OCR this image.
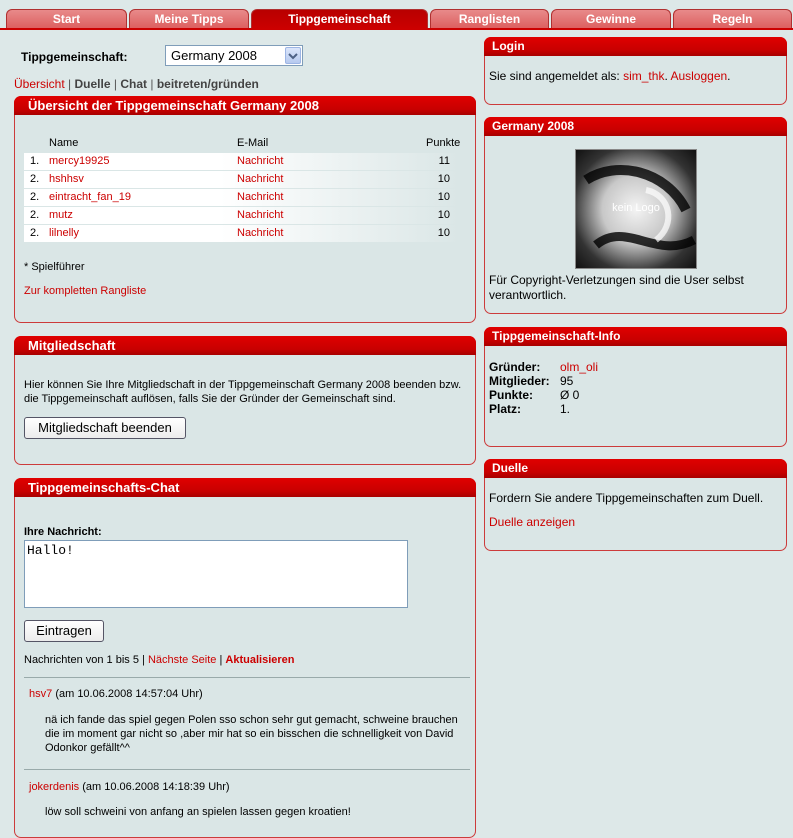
Start	Meine Tipps	Tippgemeinschaft	Ranglisten	Gewinne	Regeln
Tippgemeinschaft:	Germany 2008
Übersicht | Duelle | Chat | beitreten/gründen
Übersicht der Tippgemeinschaft Germany 2008
Name	E-Mail	Punkte
1. mercy19925	Nachricht	11
2. hshhsv	Nachricht	10
2. eintracht_fan_19	Nachricht	10
2. mutz	Nachricht	10
2. lilnelly	Nachricht	10
* Spielführer
Zur kompletten Rangliste
Mitgliedschaft
Hier können Sie Ihre Mitgliedschaft in der Tippgemeinschaft Germany 2008 beenden bzw.
die Tippgemeinschaft auflösen, falls Sie der Gründer der Gemeinschaft sind.
Mitgliedschaft beenden
Tippgemeinschafts-Chat
Ihre Nachricht:
Hallo!
Eintragen
Nachrichten von 1 bis 5 | Nächste Seite | Aktualisieren
hsv7 (am 10.06.2008 14:57:04 Uhr)
nä ich fande das spiel gegen Polen sso schon sehr gut gemacht, schweine brauchen
die im moment gar nicht so ,aber mir hat so ein bisschen die schnelligkeit von David
Odonkor gefällt^^
jokerdenis (am 10.06.2008 14:18:39 Uhr)
löw soll schweini von anfang an spielen lassen gegen kroatien!
Login
Sie sind angemeldet als: sim_thk. Ausloggen.
Germany 2008
kein Logo
Für Copyright-Verletzungen sind die User selbst
verantwortlich.
Tippgemeinschaft-Info
Gründer: olm_oli
Mitglieder: 95
Punkte: Ø 0
Platz:	1.
Duelle
Fordern Sie andere Tippgemeinschaften zum Duell.
Duelle anzeigen
